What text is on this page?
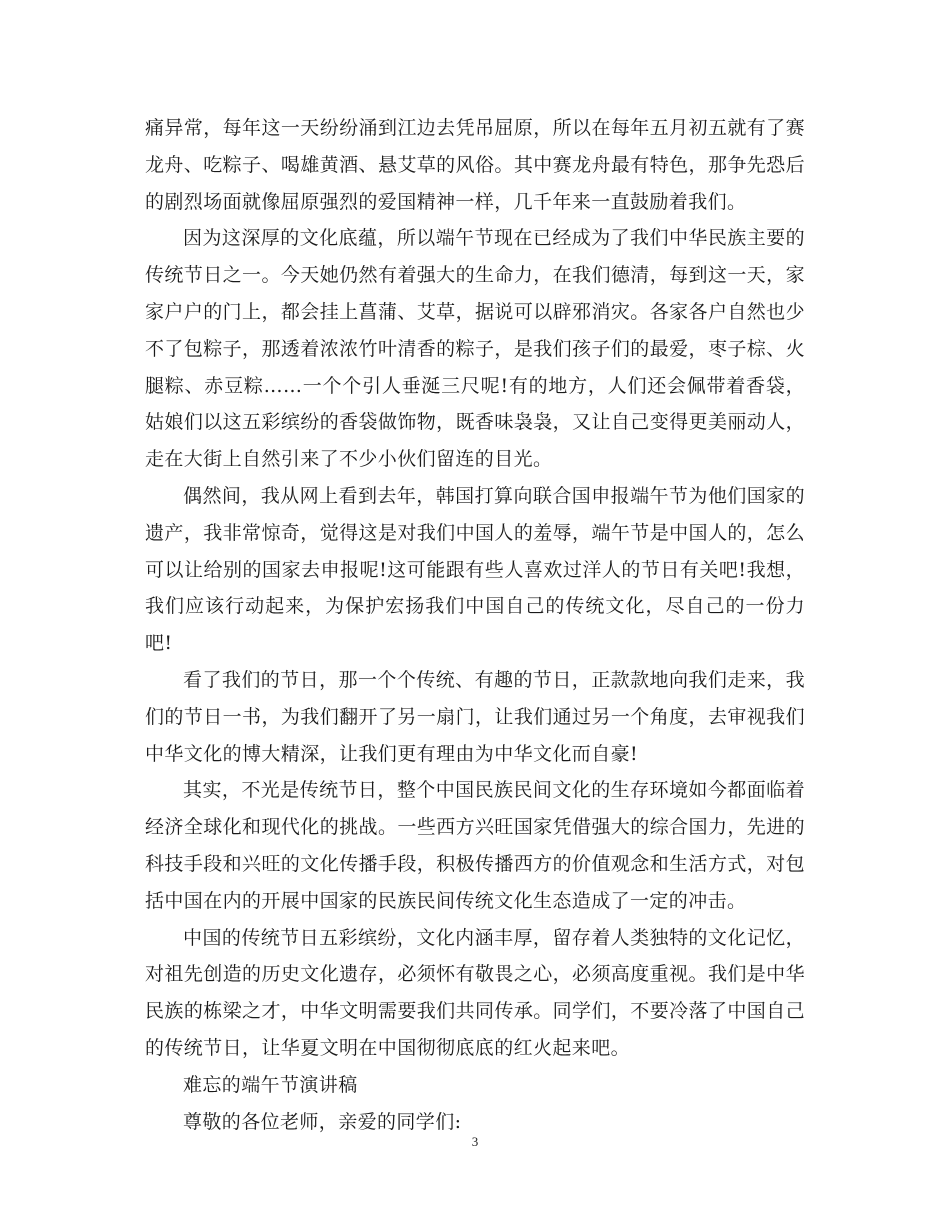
痛异常，每年这一天纷纷涌到江边去凭吊屈原，所以在每年五月初五就有了赛龙舟、吃粽子、喝雄黄酒、悬艾草的风俗。其中赛龙舟最有特色，那争先恐后的剧烈场面就像屈原强烈的爱国精神一样，几千年来一直鼓励着我们。

因为这深厚的文化底蕴，所以端午节现在已经成为了我们中华民族主要的传统节日之一。今天她仍然有着强大的生命力，在我们德清，每到这一天，家家户户的门上，都会挂上菖蒲、艾草，据说可以辟邪消灾。各家各户自然也少不了包粽子，那透着浓浓竹叶清香的粽子，是我们孩子们的最爱，枣子棕、火腿粽、赤豆粽……一个个引人垂涎三尺呢!有的地方，人们还会佩带着香袋，姑娘们以这五彩缤纷的香袋做饰物，既香味袅袅，又让自己变得更美丽动人，走在大街上自然引来了不少小伙们留连的目光。

偶然间，我从网上看到去年，韩国打算向联合国申报端午节为他们国家的遗产，我非常惊奇，觉得这是对我们中国人的羞辱，端午节是中国人的，怎么可以让给别的国家去申报呢!这可能跟有些人喜欢过洋人的节日有关吧!我想，我们应该行动起来，为保护宏扬我们中国自己的传统文化，尽自己的一份力吧!

看了我们的节日，那一个个传统、有趣的节日，正款款地向我们走来，我们的节日一书，为我们翻开了另一扇门，让我们通过另一个角度，去审视我们中华文化的博大精深，让我们更有理由为中华文化而自豪!

其实，不光是传统节日，整个中国民族民间文化的生存环境如今都面临着经济全球化和现代化的挑战。一些西方兴旺国家凭借强大的综合国力，先进的科技手段和兴旺的文化传播手段，积极传播西方的价值观念和生活方式，对包括中国在内的开展中国家的民族民间传统文化生态造成了一定的冲击。

中国的传统节日五彩缤纷，文化内涵丰厚，留存着人类独特的文化记忆，对祖先创造的历史文化遗存，必须怀有敬畏之心，必须高度重视。我们是中华民族的栋梁之才，中华文明需要我们共同传承。同学们，不要冷落了中国自己的传统节日，让华夏文明在中国彻彻底底的红火起来吧。

难忘的端午节演讲稿

尊敬的各位老师，亲爱的同学们:

3
